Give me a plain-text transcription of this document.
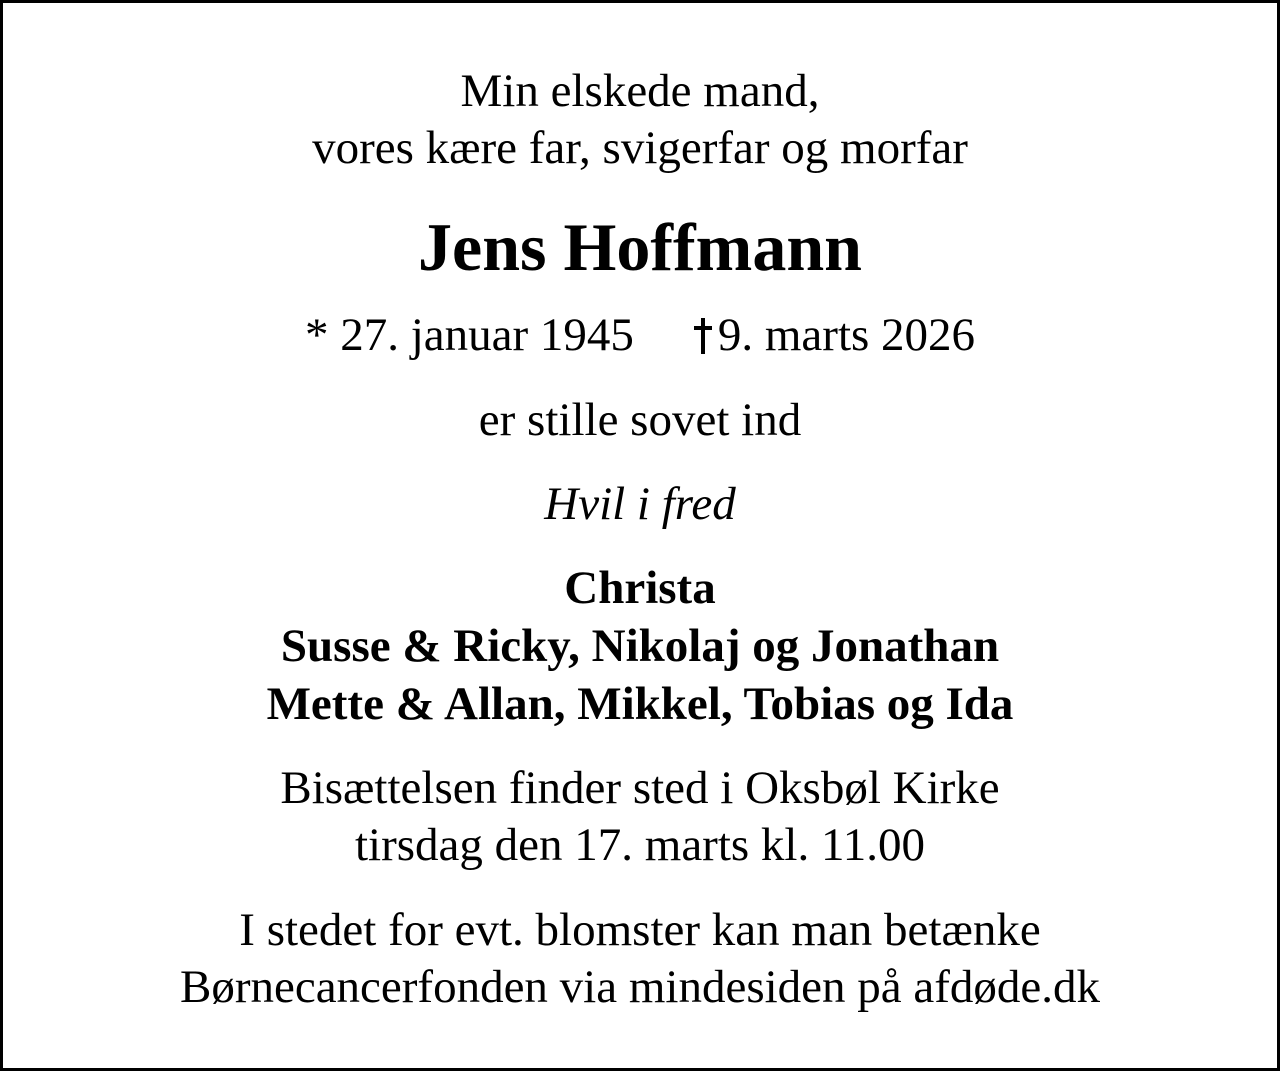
Min elskede mand,
vores kære far, svigerfar og morfar
Jens Hoffmann
* 27. januar 1945 9. marts 2026
er stille sovet ind
Hvil i fred
Christa
Susse & Ricky, Nikolaj og Jonathan
Mette & Allan, Mikkel, Tobias og Ida
Bisættelsen finder sted i Oksbøl Kirke
tirsdag den 17. marts kl. 11.00
I stedet for evt. blomster kan man betænke
Børnecancerfonden via mindesiden på afdøde.dk
